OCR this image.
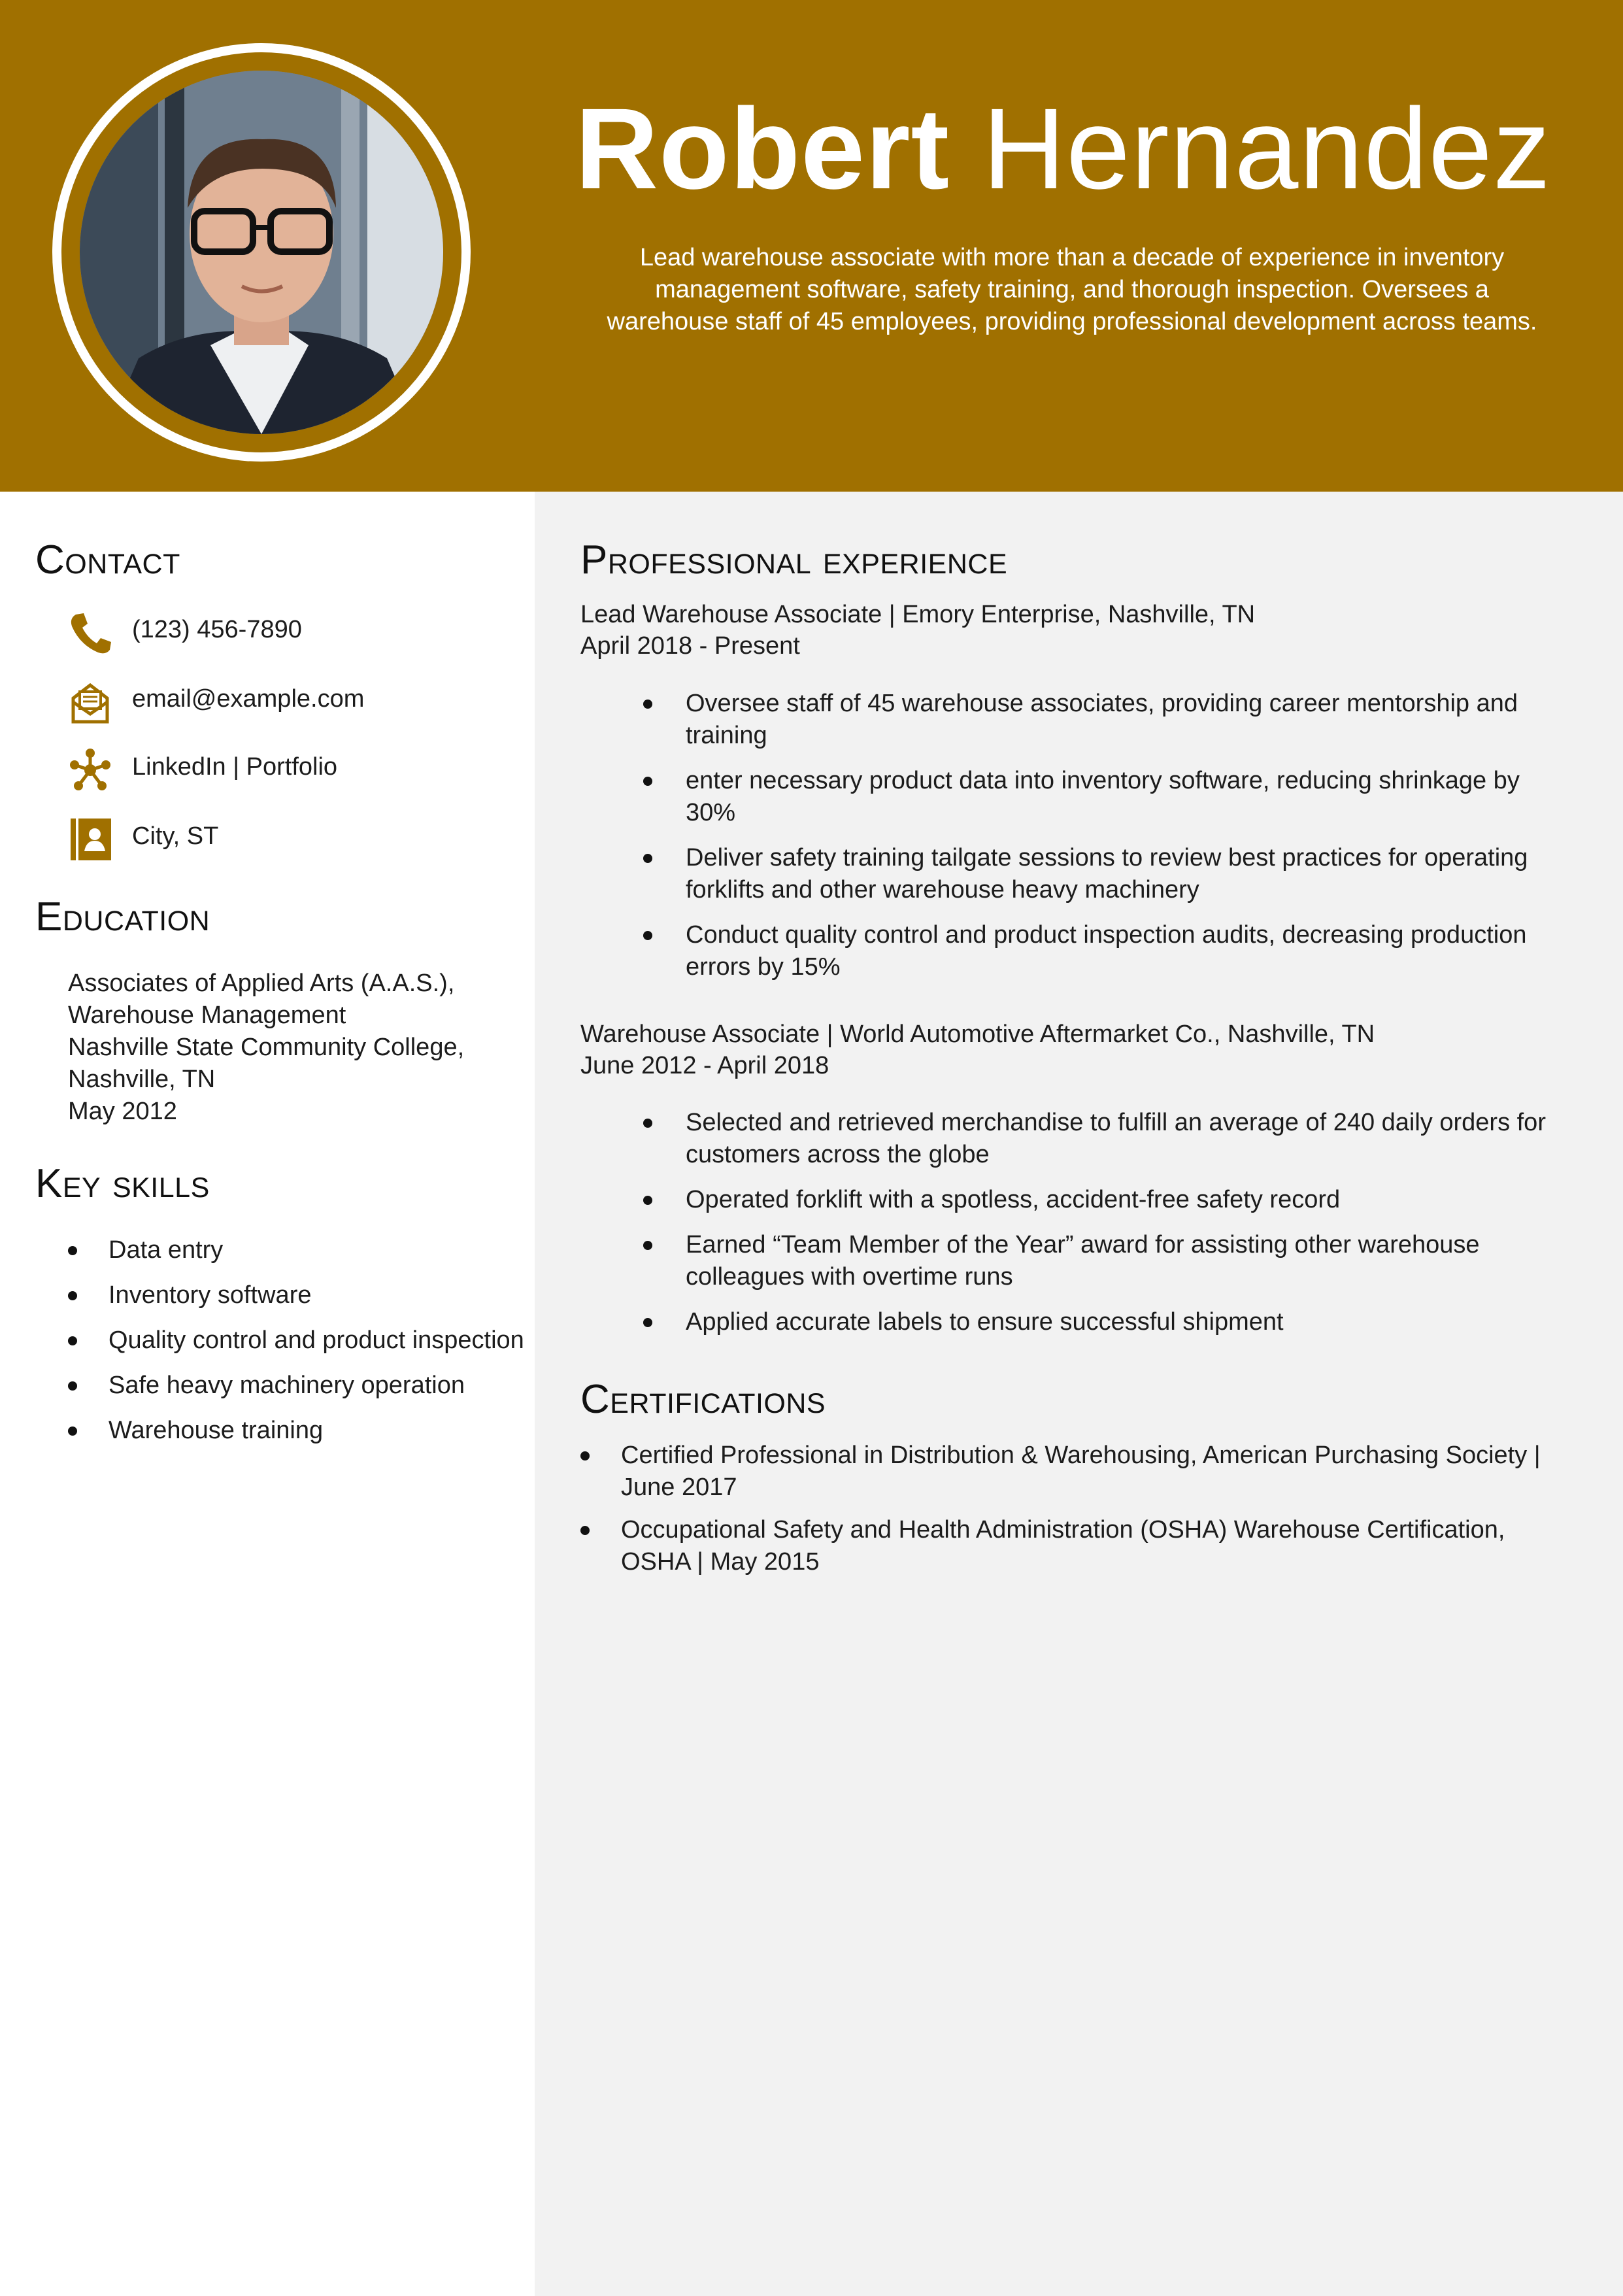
Robert Hernandez
Lead warehouse associate with more than a decade of experience in inventory management software, safety training, and thorough inspection. Oversees a warehouse staff of 45 employees, providing professional development across teams.
Contact
(123) 456-7890
email@example.com
LinkedIn | Portfolio
City, ST
Education
Associates of Applied Arts (A.A.S.),
Warehouse Management
Nashville State Community College,
Nashville, TN
May 2012
Key skills
Data entry
Inventory software
Quality control and product inspection
Safe heavy machinery operation
Warehouse training
Professional experience
Lead Warehouse Associate | Emory Enterprise, Nashville, TN
April 2018 - Present
Oversee staff of 45 warehouse associates, providing career mentorship and training
enter necessary product data into inventory software, reducing shrinkage by 30%
Deliver safety training tailgate sessions to review best practices for operating forklifts and other warehouse heavy machinery
Conduct quality control and product inspection audits, decreasing production errors by 15%
Warehouse Associate | World Automotive Aftermarket Co., Nashville, TN
June 2012 - April 2018
Selected and retrieved merchandise to fulfill an average of 240 daily orders for customers across the globe
Operated forklift with a spotless, accident-free safety record
Earned “Team Member of the Year” award for assisting other warehouse colleagues with overtime runs
Applied accurate labels to ensure successful shipment
Certifications
Certified Professional in Distribution & Warehousing, American Purchasing Society | June 2017
Occupational Safety and Health Administration (OSHA) Warehouse Certification, OSHA | May 2015
